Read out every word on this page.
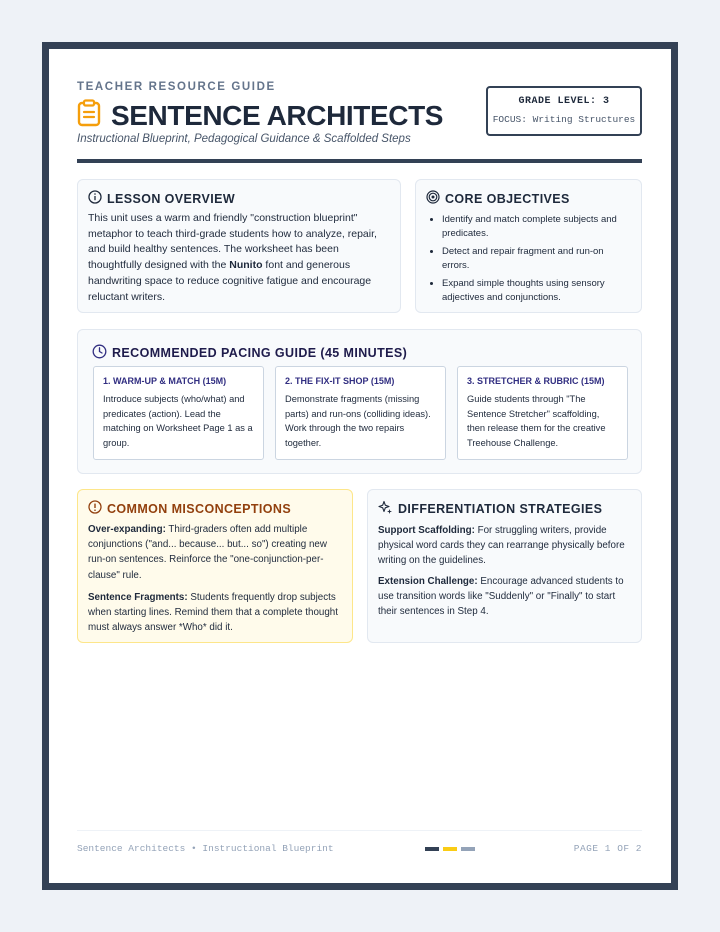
TEACHER RESOURCE GUIDE
SENTENCE ARCHITECTS
Instructional Blueprint, Pedagogical Guidance & Scaffolded Steps
GRADE LEVEL: 3
FOCUS: Writing Structures
LESSON OVERVIEW
This unit uses a warm and friendly "construction blueprint" metaphor to teach third-grade students how to analyze, repair, and build healthy sentences. The worksheet has been thoughtfully designed with the Nunito font and generous handwriting space to reduce cognitive fatigue and encourage reluctant writers.
CORE OBJECTIVES
• Identify and match complete subjects and predicates.
• Detect and repair fragment and run-on errors.
• Expand simple thoughts using sensory adjectives and conjunctions.
RECOMMENDED PACING GUIDE (45 MINUTES)
1. WARM-UP & MATCH (15M)
Introduce subjects (who/what) and predicates (action). Lead the matching on Worksheet Page 1 as a group.
2. THE FIX-IT SHOP (15M)
Demonstrate fragments (missing parts) and run-ons (colliding ideas). Work through the two repairs together.
3. STRETCHER & RUBRIC (15M)
Guide students through "The Sentence Stretcher" scaffolding, then release them for the creative Treehouse Challenge.
COMMON MISCONCEPTIONS
Over-expanding: Third-graders often add multiple conjunctions ("and... because... but... so") creating new run-on sentences. Reinforce the "one-conjunction-per-clause" rule.
Sentence Fragments: Students frequently drop subjects when starting lines. Remind them that a complete thought must always answer *Who* did it.
DIFFERENTIATION STRATEGIES
Support Scaffolding: For struggling writers, provide physical word cards they can rearrange physically before writing on the guidelines.
Extension Challenge: Encourage advanced students to use transition words like "Suddenly" or "Finally" to start their sentences in Step 4.
Sentence Architects • Instructional Blueprint	PAGE 1 OF 2
